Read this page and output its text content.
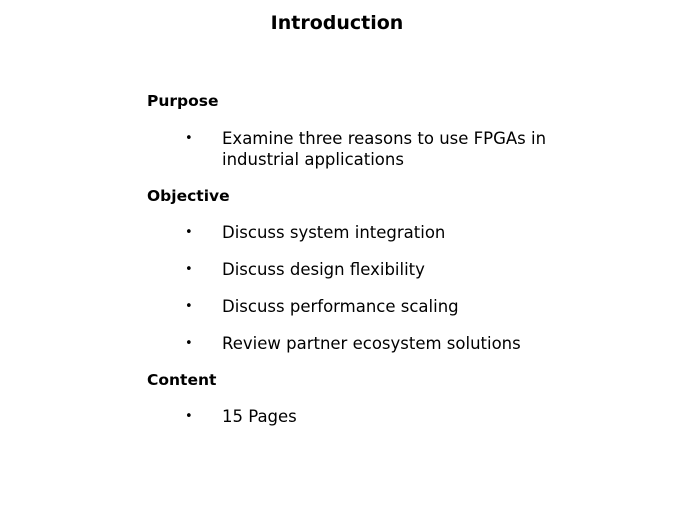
Introduction
Purpose
• Examine three reasons to use FPGAs in industrial applications
Objective
• Discuss system integration
• Discuss design flexibility
• Discuss performance scaling
• Review partner ecosystem solutions
Content
• 15 Pages
